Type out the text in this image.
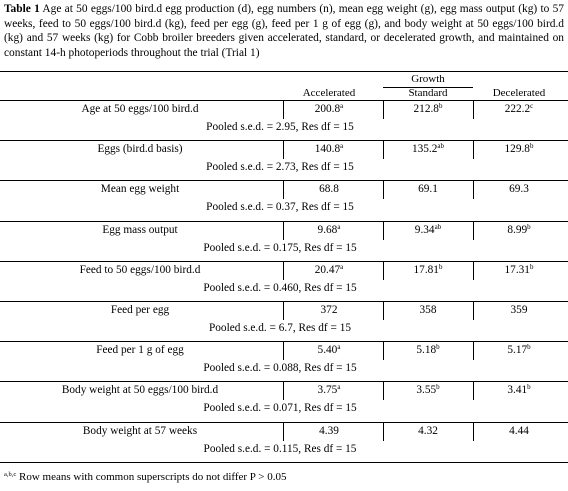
Table 1 Age at 50 eggs/100 bird.d egg production (d), egg numbers (n), mean egg weight (g), egg mass output (kg) to 57 weeks, feed to 50 eggs/100 bird.d (kg), feed per egg (g), feed per 1 g of egg (g), and body weight at 50 eggs/100 bird.d (kg) and 57 weeks (kg) for Cobb broiler breeders given accelerated, standard, or decelerated growth, and maintained on constant 14-h photoperiods throughout the trial (Trial 1)
Growth
Accelerated	Standard	Decelerated
Age at 50 eggs/100 bird.d	200.8$^a$	212.8$^b$	222.2$^c$
Pooled s.e.d. = 2.95, Res df = 15
Eggs (bird.d basis)	140.8$^a$	135.2$^{ab}$	129.8$^b$
Pooled s.e.d. = 2.73, Res df = 15
Mean egg weight	68.8	69.1	69.3
Pooled s.e.d. = 0.37, Res df = 15
Egg mass output	9.68$^a$	9.34$^{ab}$	8.99$^b$
Pooled s.e.d. = 0.175, Res df = 15
Feed to 50 eggs/100 bird.d	20.47$^a$	17.81$^b$	17.31$^b$
Pooled s.e.d. = 0.460, Res df = 15
Feed per egg	372	358	359
Pooled s.e.d. = 6.7, Res df = 15
Feed per 1 g of egg	5.40$^a$	5.18$^b$	5.17$^b$
Pooled s.e.d. = 0.088, Res df = 15
Body weight at 50 eggs/100 bird.d	3.75$^a$	3.55$^b$	3.41$^b$
Pooled s.e.d. = 0.071, Res df = 15
Body weight at 57 weeks	4.39	4.32	4.44
Pooled s.e.d. = 0.115, Res df = 15
$^{a,b,c}$ Row means with common superscripts do not differ P > 0.05
